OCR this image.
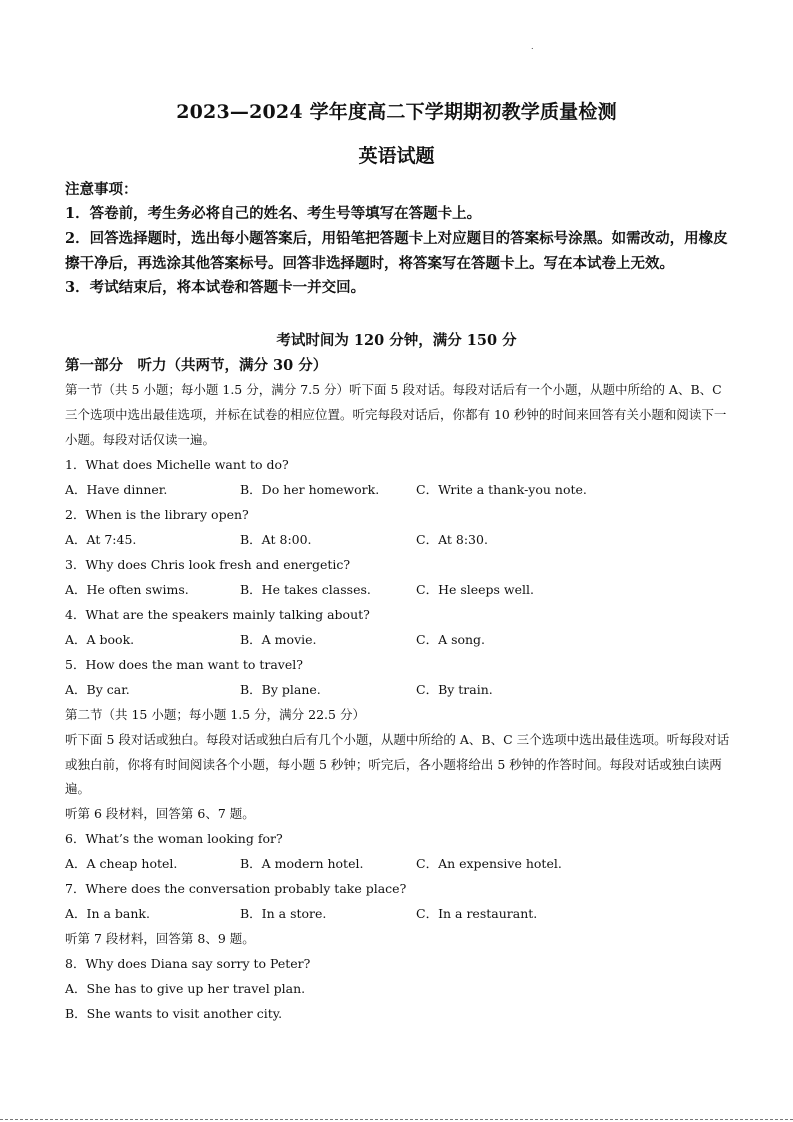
.
2023—2024 学年度高二下学期期初教学质量检测
英语试题
注意事项：

1．答卷前，考生务必将自己的姓名、考生号等填写在答题卡上。

2．回答选择题时，选出每小题答案后，用铅笔把答题卡上对应题目的答案标号涂黑。如需改动，用橡皮擦干净后，再选涂其他答案标号。回答非选择题时，将答案写在答题卡上。写在本试卷上无效。

3．考试结束后，将本试卷和答题卡一并交回。

考试时间为 120 分钟，满分 150 分
第一部分　听力（共两节，满分 30 分）

第一节（共 5 小题；每小题 1.5 分，满分 7.5 分）听下面 5 段对话。每段对话后有一个小题，从题中所给的 A、B、C 三个选项中选出最佳选项，并标在试卷的相应位置。听完每段对话后，你都有 10 秒钟的时间来回答有关小题和阅读下一小题。每段对话仅读一遍。

1．What does Michelle want to do?
A．Have dinner.	B．Do her homework.	C．Write a thank-you note.
2．When is the library open?
A．At 7:45.	B．At 8:00.	C．At 8:30.
3．Why does Chris look fresh and energetic?
A．He often swims.	B．He takes classes.	C．He sleeps well.
4．What are the speakers mainly talking about?
A．A book.	B．A movie.	C．A song.
5．How does the man want to travel?
A．By car.	B．By plane.	C．By train.

第二节（共 15 小题；每小题 1.5 分，满分 22.5 分）

听下面 5 段对话或独白。每段对话或独白后有几个小题，从题中所给的 A、B、C 三个选项中选出最佳选项。听每段对话或独白前，你将有时间阅读各个小题，每小题 5 秒钟；听完后，各小题将给出 5 秒钟的作答时间。每段对话或独白读两遍。

听第 6 段材料，回答第 6、7 题。

6．What’s the woman looking for?
A．A cheap hotel.	B．A modern hotel.	C．An expensive hotel.
7．Where does the conversation probably take place?
A．In a bank.	B．In a store.	C．In a restaurant.

听第 7 段材料，回答第 8、9 题。

8．Why does Diana say sorry to Peter?
A．She has to give up her travel plan.
B．She wants to visit another city.
